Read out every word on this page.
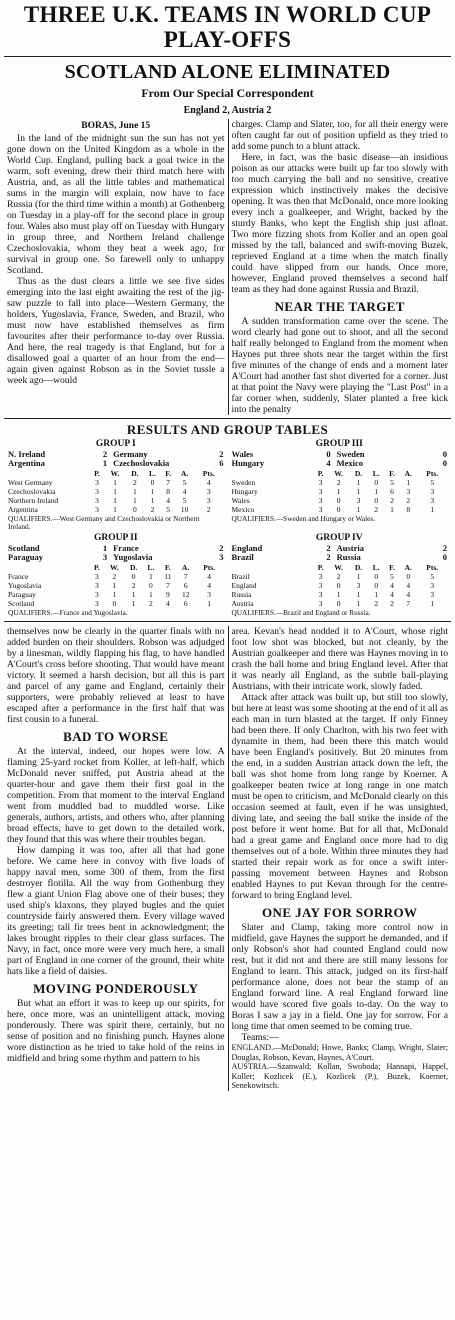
THREE U.K. TEAMS IN WORLD CUP PLAY-OFFS
SCOTLAND ALONE ELIMINATED
From Our Special Correspondent
England 2, Austria 2
BORAS, June 15

In the land of the midnight sun the sun has not yet gone down on the United Kingdom as a whole in the World Cup. England, pulling back a goal twice in the warm, soft evening, drew their third match here with Austria, and, as all the little tables and mathematical sums in the margin will explain, now have to face Russia (for the third time within a month) at Gothenberg on Tuesday in a play-off for the second place in group four. Wales also must play off on Tuesday with Hungary in group three, and Northern Ireland challenge Czechoslovakia, whom they beat a week ago, for survival in group one. So farewell only to unhappy Scotland.

Thus as the dust clears a little we see five sides emerging into the last eight awaiting the rest of the jig-saw puzzle to fall into place—Western Germany, the holders, Yugoslavia, France, Sweden, and Brazil, who must now have established themselves as firm favourites after their performance to-day over Russia. And here, the real tragedy is that England, but for a disallowed goal a quarter of an hour from the end—again given against Robson as in the Soviet tussle a week ago—would

charges. Clamp and Slater, too, for all their energy were often caught far out of position upfield as they tried to add some punch to a blunt attack.

Here, in fact, was the basic disease—an insidious poison as our attacks were built up far too slowly with too much carrying the ball and no sensitive, creative expression which instinctively makes the decisive opening. It was then that McDonald, once more looking every inch a goalkeeper, and Wright, backed by the sturdy Banks, who kept the English ship just afloat. Two more fizzing shots from Koller and an open goal missed by the tall, balanced and swift-moving Buzek, reprieved England at a time when the match finally could have slipped from our hands. Once more, however, England proved themselves a second half team as they had done against Russia and Brazil.

NEAR THE TARGET

A sudden transformation came over the scene. The word clearly had gone out to shoot, and all the second half really belonged to England from the moment when Haynes put three shots near the target within the first five minutes of the change of ends and a moment later A'Court had another fast shot diverted for a corner. Just at that point the Navy were playing the "Last Post" in a far corner when, suddenly, Slater planted a free kick into the penalty

RESULTS AND GROUP TABLES
GROUP I
N. Ireland	2 Germany	2
Argentina	1 Czechoslovakia	6
	P.	W.	D.	L.	F.	A.	Pts.
West Germany	3	1	2	0	7	5	4
Czechoslovakia	3	1	1	1	8	4	3
Northern Ireland	3	1	1	1	4	5	3
Argentina	3	1	0	2	5	10	2
QUALIFIERS.—West Germany and Czechoslovakia or Northern Ireland.
GROUP III
Wales	0 Sweden	0
Hungary	4 Mexico	0
	P.	W.	D.	L.	F.	A.	Pts.
Sweden	3	2	1	0	5	1	5
Hungary	3	1	1	1	6	3	3
Wales	3	0	3	0	2	2	3
Mexico	3	0	1	2	1	8	1
QUALIFIERS.—Sweden and Hungary or Wales.
GROUP II
Scotland	1 France	2
Paraguay	3 Yugoslavia	3
	P.	W.	D.	L.	F.	A.	Pts.
France	3	2	0	1	11	7	4
Yugoslavia	3	1	2	0	7	6	4
Paraguay	3	1	1	1	9	12	3
Scotland	3	0	1	2	4	6	1
QUALIFIERS.—France and Yugoslavia.
GROUP IV
England	2 Austria	2
Brazil	2 Russia	0
	P.	W.	D.	L.	F.	A.	Pts.
Brazil	3	2	1	0	5	0	5
England	3	0	3	0	4	4	3
Russia	3	1	1	1	4	4	3
Austria	3	0	1	2	2	7	1
QUALIFIERS.—Brazil and England or Russia.

themselves now be clearly in the quarter finals with no added burden on their shoulders. Robson was adjudged by a linesman, wildly flapping his flag, to have handled A'Court's cross before shooting. That would have meant victory. It seemed a harsh decision, but all this is part and parcel of any game and England, certainly their supporters, were probably relieved at least to have escaped after a performance in the first half that was first cousin to a funeral.

BAD TO WORSE

At the interval, indeed, our hopes were low. A flaming 25-yard rocket from Koller, at left-half, which McDonald never sniffed, put Austria ahead at the quarter-hour and gave them their first goal in the competition. From that moment to the interval England went from muddled bad to muddled worse. Like generals, authors, artists, and others who, after planning broad effects, have to get down to the detailed work, they found that this was where their troubles began.

How damping it was too, after all that had gone before. We came here in convoy with five loads of happy naval men, some 300 of them, from the first destroyer flotilla. All the way from Gothenburg they flew a giant Union Flag above one of their buses; they used ship's klaxons, they played bugles and the quiet countryside fairly answered them. Every village waved its greeting; tall fir trees bent in acknowledgment; the lakes brought ripples to their clear glass surfaces. The Navy, in fact, once more were very much here, a small part of England in one corner of the ground, their white hats like a field of daisies.

MOVING PONDEROUSLY

But what an effort it was to keep up our spirits, for here, once more, was an unintelligent attack, moving ponderously. There was spirit there, certainly, but no sense of position and no finishing punch. Haynes alone wore distinction as he tried to take hold of the reins in midfield and bring some rhythm and pattern to his

area. Kevan's head nodded it to A'Court, whose right foot low shot was blocked, but not cleanly, by the Austrian goalkeeper and there was Haynes moving in to crash the ball home and bring England level. After that it was nearly all England, as the subtle ball-playing Austrians, with their intricate work, slowly faded.

Attack after attack was built up, but still too slowly, but here at least was some shooting at the end of it all as each man in turn blasted at the target. If only Finney had been there. If only Charlton, with his two feet with dynamite in them, had been there this match would have been England's positively. But 20 minutes from the end, in a sudden Austrian attack down the left, the ball was shot home from long range by Koerner. A goalkeeper beaten twice at long range in one match must be open to criticism, and McDonald clearly on this occasion seemed at fault, even if he was unsighted, diving late, and seeing the ball strike the inside of the post before it went home. But for all that, McDonald had a great game and England once more had to dig themselves out of a hole. Within three minutes they had started their repair work as for once a swift inter-passing movement between Haynes and Robson enabled Haynes to put Kevan through for the centre-forward to bring England level.

ONE JAY FOR SORROW

Slater and Clamp, taking more control now in midfield, gave Haynes the support he demanded, and if only Robson's shot had counted England could now rest, but it did not and there are still many lessons for England to learn. This attack, judged on its first-half performance alone, does not bear the stamp of an England forward line. A real England forward line would have scored five goals to-day. On the way to Boras I saw a jay in a field. One jay for sorrow. For a long time that omen seemed to be coming true.

Teams:—

ENGLAND.—McDonald; Howe, Banks; Clamp, Wright, Slater; Douglas, Robson, Kevan, Haynes, A'Court.

AUSTRIA.—Szanwald; Kollan, Swoboda; Hannapi, Happel, Koller; Kozlicek (E.), Kozlicek (P.), Buzek, Koerner, Senekowitsch.
